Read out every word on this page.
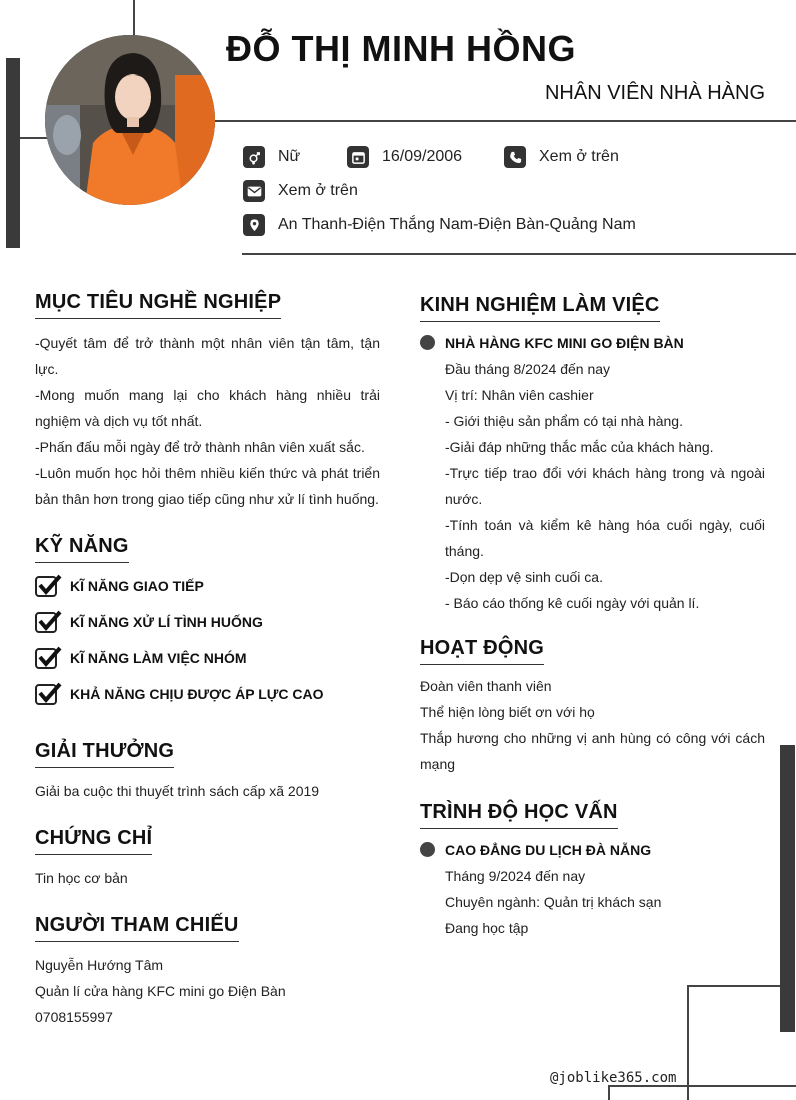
ĐỖ THỊ MINH HỒNG
NHÂN VIÊN NHÀ HÀNG
Nữ	16/09/2006	Xem ở trên
Xem ở trên
An Thanh-Điện Thắng Nam-Điện Bàn-Quảng Nam
MỤC TIÊU NGHỀ NGHIỆP
-Quyết tâm để trở thành một nhân viên tận tâm, tận lực.
-Mong muốn mang lại cho khách hàng nhiều trải nghiệm và dịch vụ tốt nhất.
-Phấn đấu mỗi ngày để trở thành nhân viên xuất sắc.
-Luôn muốn học hỏi thêm nhiều kiến thức và phát triển bản thân hơn trong giao tiếp cũng như xử lí tình huống.
KỸ NĂNG
KĨ NĂNG GIAO TIẾP
KĨ NĂNG XỬ LÍ TÌNH HUỐNG
KĨ NĂNG LÀM VIỆC NHÓM
KHẢ NĂNG CHỊU ĐƯỢC ÁP LỰC CAO
GIẢI THƯỞNG
Giải ba cuộc thi thuyết trình sách cấp xã 2019
CHỨNG CHỈ
Tin học cơ bản
NGƯỜI THAM CHIẾU
Nguyễn Hướng Tâm
Quản lí cửa hàng KFC mini go Điện Bàn
0708155997
KINH NGHIỆM LÀM VIỆC
NHÀ HÀNG KFC MINI GO ĐIỆN BÀN
Đầu tháng 8/2024 đến nay
Vị trí: Nhân viên cashier
- Giới thiệu sản phẩm có tại nhà hàng.
-Giải đáp những thắc mắc của khách hàng.
-Trực tiếp trao đổi với khách hàng trong và ngoài nước.
-Tính toán và kiểm kê hàng hóa cuối ngày, cuối tháng.
-Dọn dẹp vệ sinh cuối ca.
- Báo cáo thống kê cuối ngày với quản lí.
HOẠT ĐỘNG
Đoàn viên thanh viên
Thể hiện lòng biết ơn với họ
Thắp hương cho những vị anh hùng có công với cách mạng
TRÌNH ĐỘ HỌC VẤN
CAO ĐẲNG DU LỊCH ĐÀ NẴNG
Tháng 9/2024 đến nay
Chuyên ngành: Quản trị khách sạn
Đang học tập
@joblike365.com
